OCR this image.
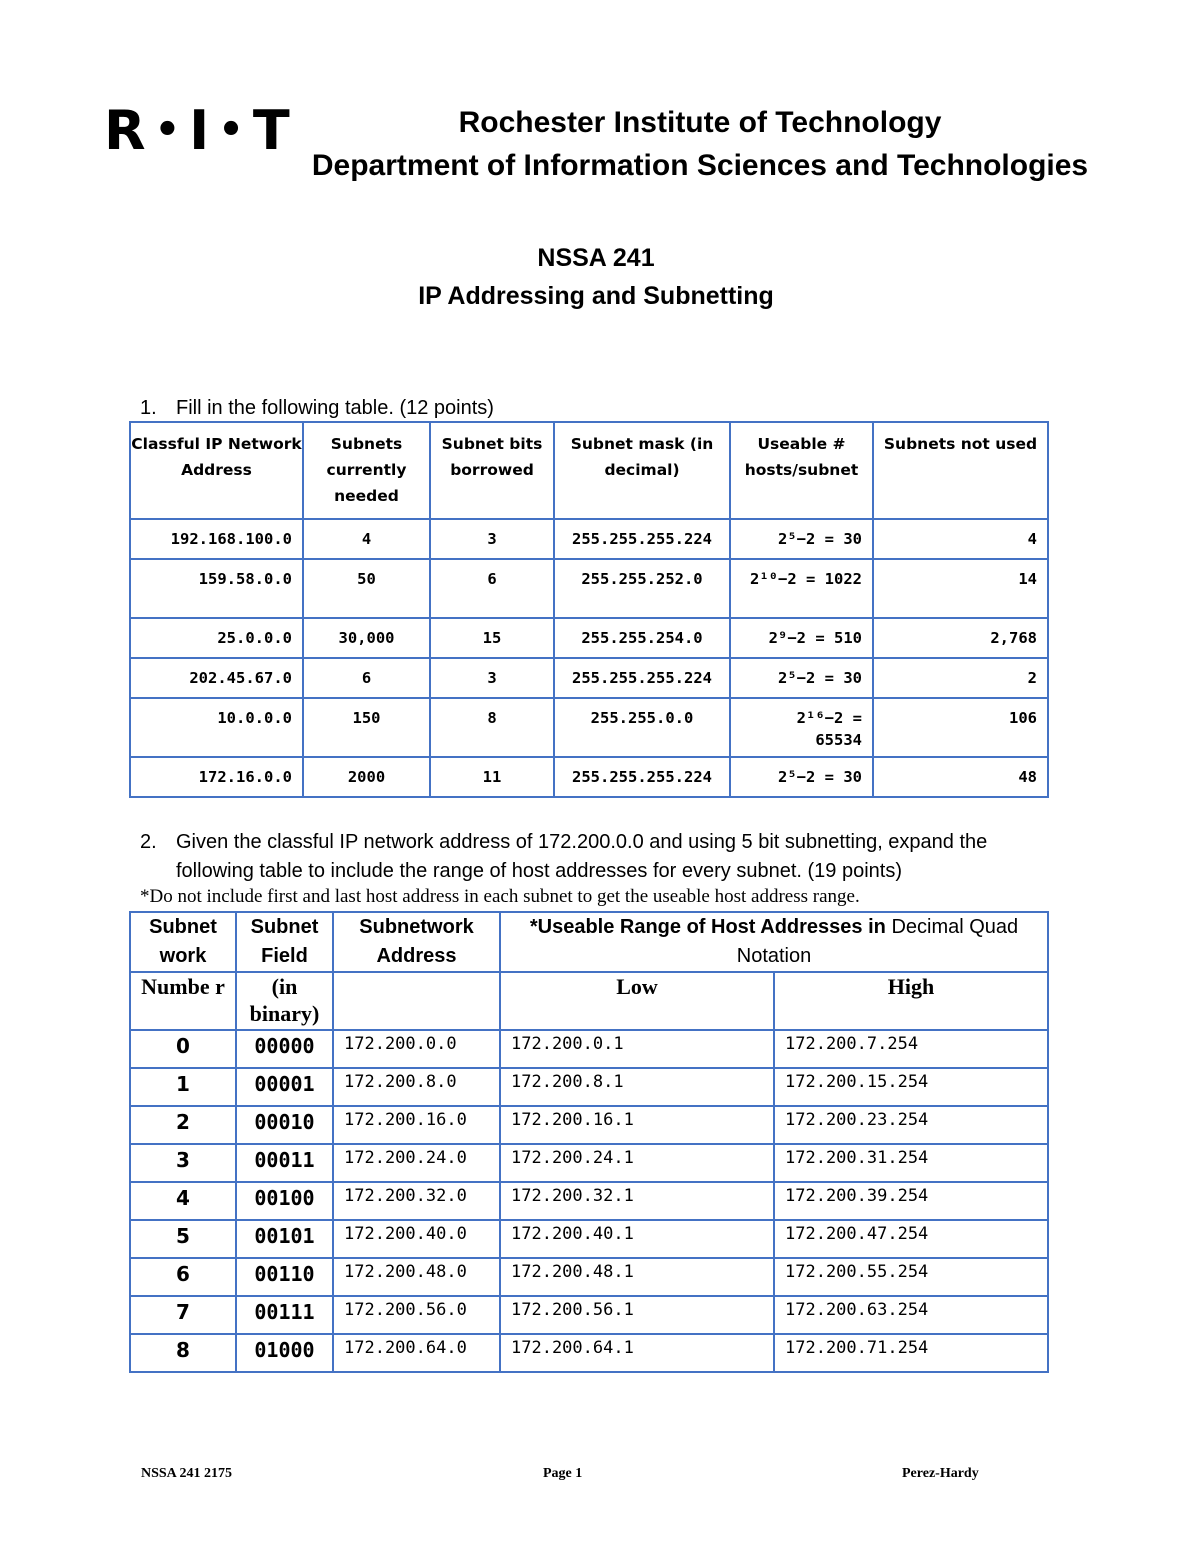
R • I • T	Rochester Institute of Technology
Department of Information Sciences and Technologies
NSSA 241
IP Addressing and Subnetting
1. Fill in the following table. (12 points)
Classful IP Network Address	Subnets currently needed	Subnet bits borrowed	Subnet mask (in decimal)	Useable # hosts/subnet	Subnets not used
192.168.100.0	4	3	255.255.255.224	2⁵−2 = 30	4
159.58.0.0	50	6	255.255.252.0	2¹⁰−2 = 1022	14
25.0.0.0	30,000	15	255.255.254.0	2⁹−2 = 510	2,768
202.45.67.0	6	3	255.255.255.224	2⁵−2 = 30	2
10.0.0.0	150	8	255.255.0.0	2¹⁶−2 = 65534	106
172.16.0.0	2000	11	255.255.255.224	2⁵−2 = 30	48
2. Given the classful IP network address of 172.200.0.0 and using 5 bit subnetting, expand the
following table to include the range of host addresses for every subnet. (19 points)
*Do not include first and last host address in each subnet to get the useable host address range.
Subnet work	Subnet Field	Subnetwork Address	*Useable Range of Host Addresses in Decimal Quad Notation	
Numbe r	(in binary)		Low	High
0	00000	172.200.0.0	172.200.0.1	172.200.7.254
1	00001	172.200.8.0	172.200.8.1	172.200.15.254
2	00010	172.200.16.0	172.200.16.1	172.200.23.254
3	00011	172.200.24.0	172.200.24.1	172.200.31.254
4	00100	172.200.32.0	172.200.32.1	172.200.39.254
5	00101	172.200.40.0	172.200.40.1	172.200.47.254
6	00110	172.200.48.0	172.200.48.1	172.200.55.254
7	00111	172.200.56.0	172.200.56.1	172.200.63.254
8	01000	172.200.64.0	172.200.64.1	172.200.71.254
NSSA 241 2175	Page 1	Perez-Hardy
